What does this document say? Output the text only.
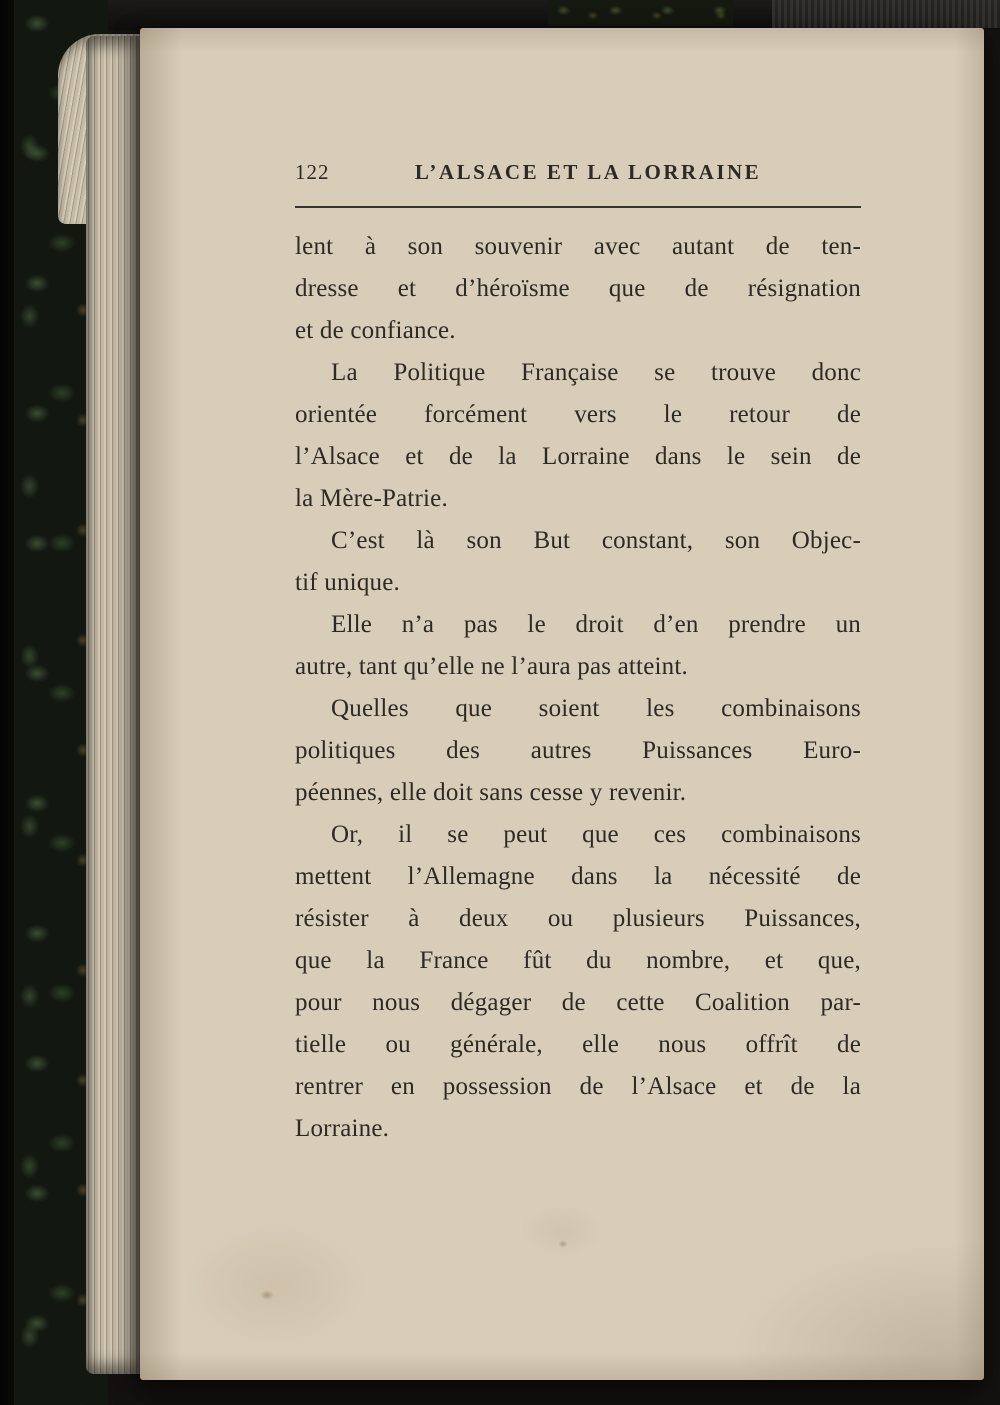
122	L’ALSACE ET LA LORRAINE

lent à son souvenir avec autant de ten-
dresse et d’héroïsme que de résignation
et de confiance.

La Politique Française se trouve donc
orientée forcément vers le retour de
l’Alsace et de la Lorraine dans le sein de
la Mère-Patrie.

C’est là son But constant, son Objec-
tif unique.

Elle n’a pas le droit d’en prendre un
autre, tant qu’elle ne l’aura pas atteint.

Quelles que soient les combinaisons
politiques des autres Puissances Euro-
péennes, elle doit sans cesse y revenir.

Or, il se peut que ces combinaisons
mettent l’Allemagne dans la nécessité de
résister à deux ou plusieurs Puissances,
que la France fût du nombre, et que,
pour nous dégager de cette Coalition par-
tielle ou générale, elle nous offrît de
rentrer en possession de l’Alsace et de la
Lorraine.
